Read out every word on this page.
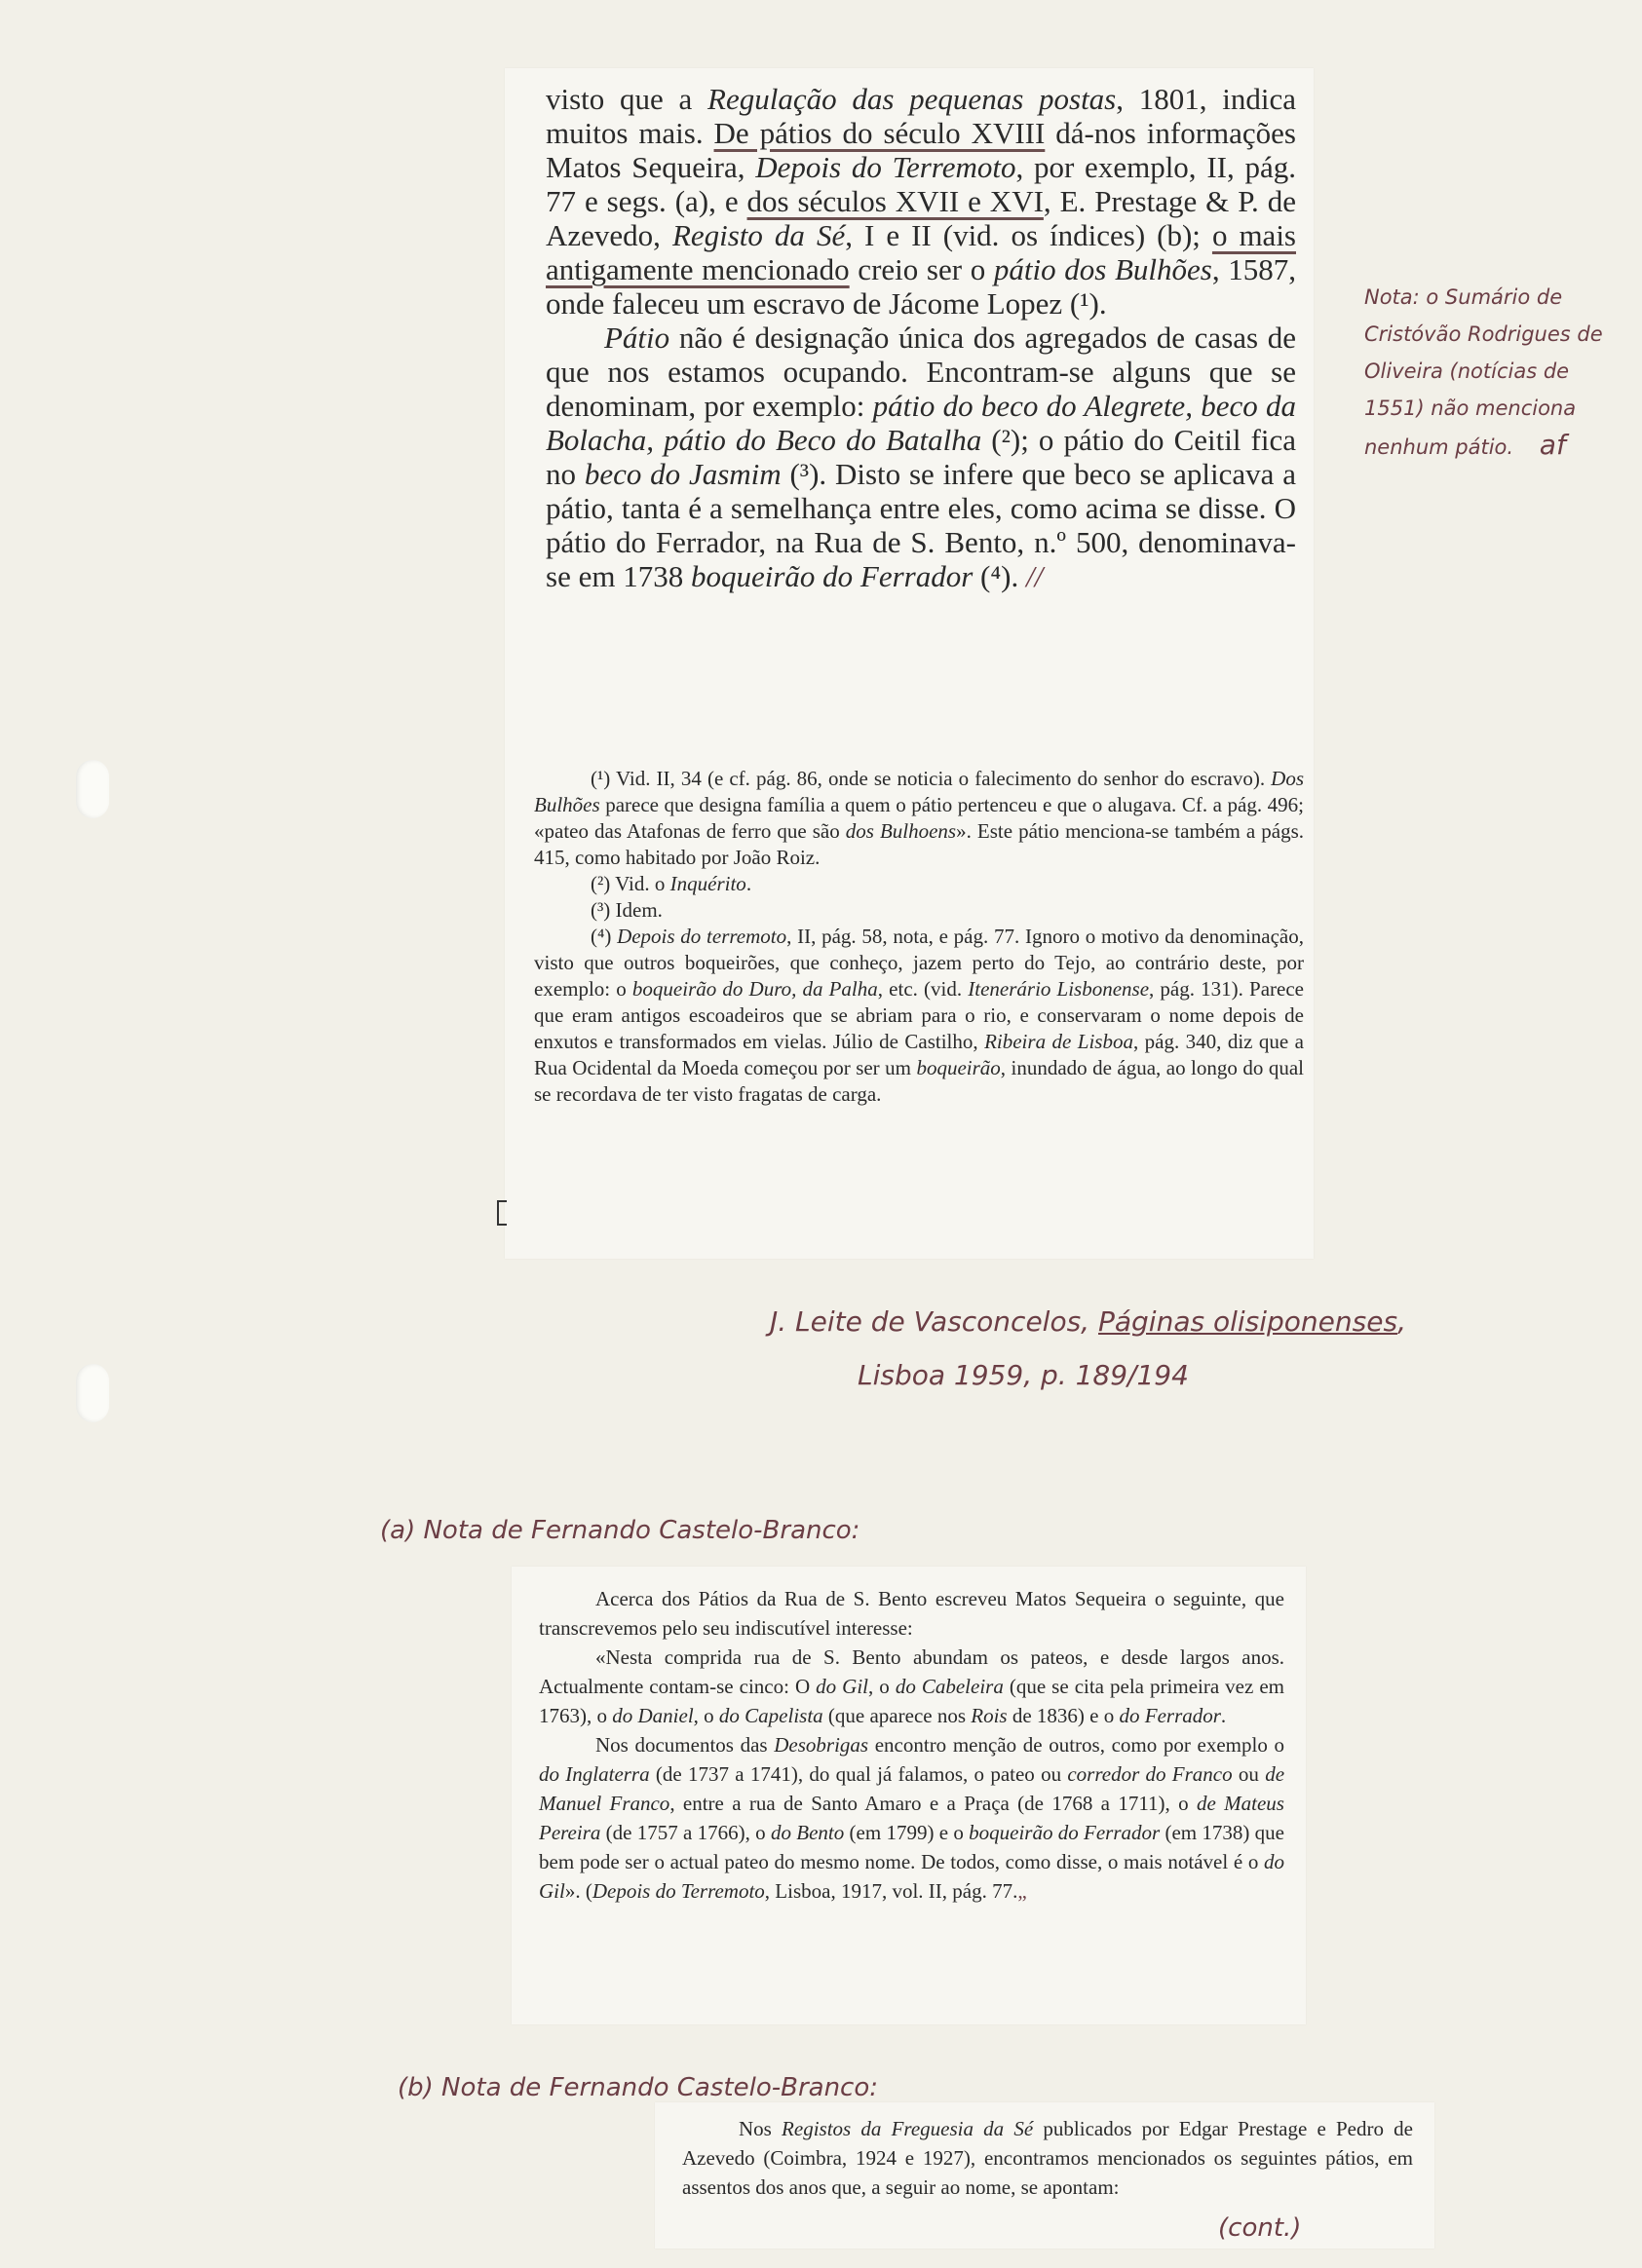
visto que a Regulação das pequenas postas, 1801, indica muitos mais. De pátios do século XVIII dá-nos informações Matos Sequeira, Depois do Terremoto, por exemplo, II, pág. 77 e segs. (a), e dos séculos XVII e XVI, E. Prestage & P. de Azevedo, Registo da Sé, I e II (vid. os índices) (b); o mais antigamente mencionado creio ser o pátio dos Bulhões, 1587, onde faleceu um escravo de Jácome Lopez (¹).

Pátio não é designação única dos agregados de casas de que nos estamos ocupando. Encontram-se alguns que se denominam, por exemplo: pátio do beco do Alegrete, beco da Bolacha, pátio do Beco do Batalha (²); o pátio do Ceitil fica no beco do Jasmim (³). Disto se infere que beco se aplicava a pátio, tanta é a semelhança entre eles, como acima se disse. O pátio do Ferrador, na Rua de S. Bento, n.º 500, denominava-se em 1738 boqueirão do Ferrador (⁴). //

(¹) Vid. II, 34 (e cf. pág. 86, onde se noticia o falecimento do senhor do escravo). Dos Bulhões parece que designa família a quem o pátio pertenceu e que o alugava. Cf. a pág. 496; «pateo das Atafonas de ferro que são dos Bulhoens». Este pátio menciona-se também a págs. 415, como habitado por João Roiz.

(²) Vid. o Inquérito.

(³) Idem.

(⁴) Depois do terremoto, II, pág. 58, nota, e pág. 77. Ignoro o motivo da denominação, visto que outros boqueirões, que conheço, jazem perto do Tejo, ao contrário deste, por exemplo: o boqueirão do Duro, da Palha, etc. (vid. Itenerário Lisbonense, pág. 131). Parece que eram antigos escoadeiros que se abriam para o rio, e conservaram o nome depois de enxutos e transformados em vielas. Júlio de Castilho, Ribeira de Lisboa, pág. 340, diz que a Rua Ocidental da Moeda começou por ser um boqueirão, inundado de água, ao longo do qual se recordava de ter visto fragatas de carga.

Nota: o Sumário de Cristóvão Rodrigues de Oliveira (notícias de 1551) não menciona nenhum pátio. af
J. Leite de Vasconcelos, Páginas olisiponenses,
Lisboa 1959, p. 189/194
(a) Nota de Fernando Castelo-Branco:

Acerca dos Pátios da Rua de S. Bento escreveu Matos Sequeira o seguinte, que transcrevemos pelo seu indiscutível interesse:

«Nesta comprida rua de S. Bento abundam os pateos, e desde largos anos. Actualmente contam-se cinco: O do Gil, o do Cabeleira (que se cita pela primeira vez em 1763), o do Daniel, o do Capelista (que aparece nos Rois de 1836) e o do Ferrador.

Nos documentos das Desobrigas encontro menção de outros, como por exemplo o do Inglaterra (de 1737 a 1741), do qual já falamos, o pateo ou corredor do Franco ou de Manuel Franco, entre a rua de Santo Amaro e a Praça (de 1768 a 1711), o de Mateus Pereira (de 1757 a 1766), o do Bento (em 1799) e o boqueirão do Ferrador (em 1738) que bem pode ser o actual pateo do mesmo nome. De todos, como disse, o mais notável é o do Gil». (Depois do Terremoto, Lisboa, 1917, vol. II, pág. 77.„

(b) Nota de Fernando Castelo-Branco:

Nos Registos da Freguesia da Sé publicados por Edgar Prestage e Pedro de Azevedo (Coimbra, 1924 e 1927), encontramos mencionados os seguintes pátios, em assentos dos anos que, a seguir ao nome, se apontam:

(cont.)
